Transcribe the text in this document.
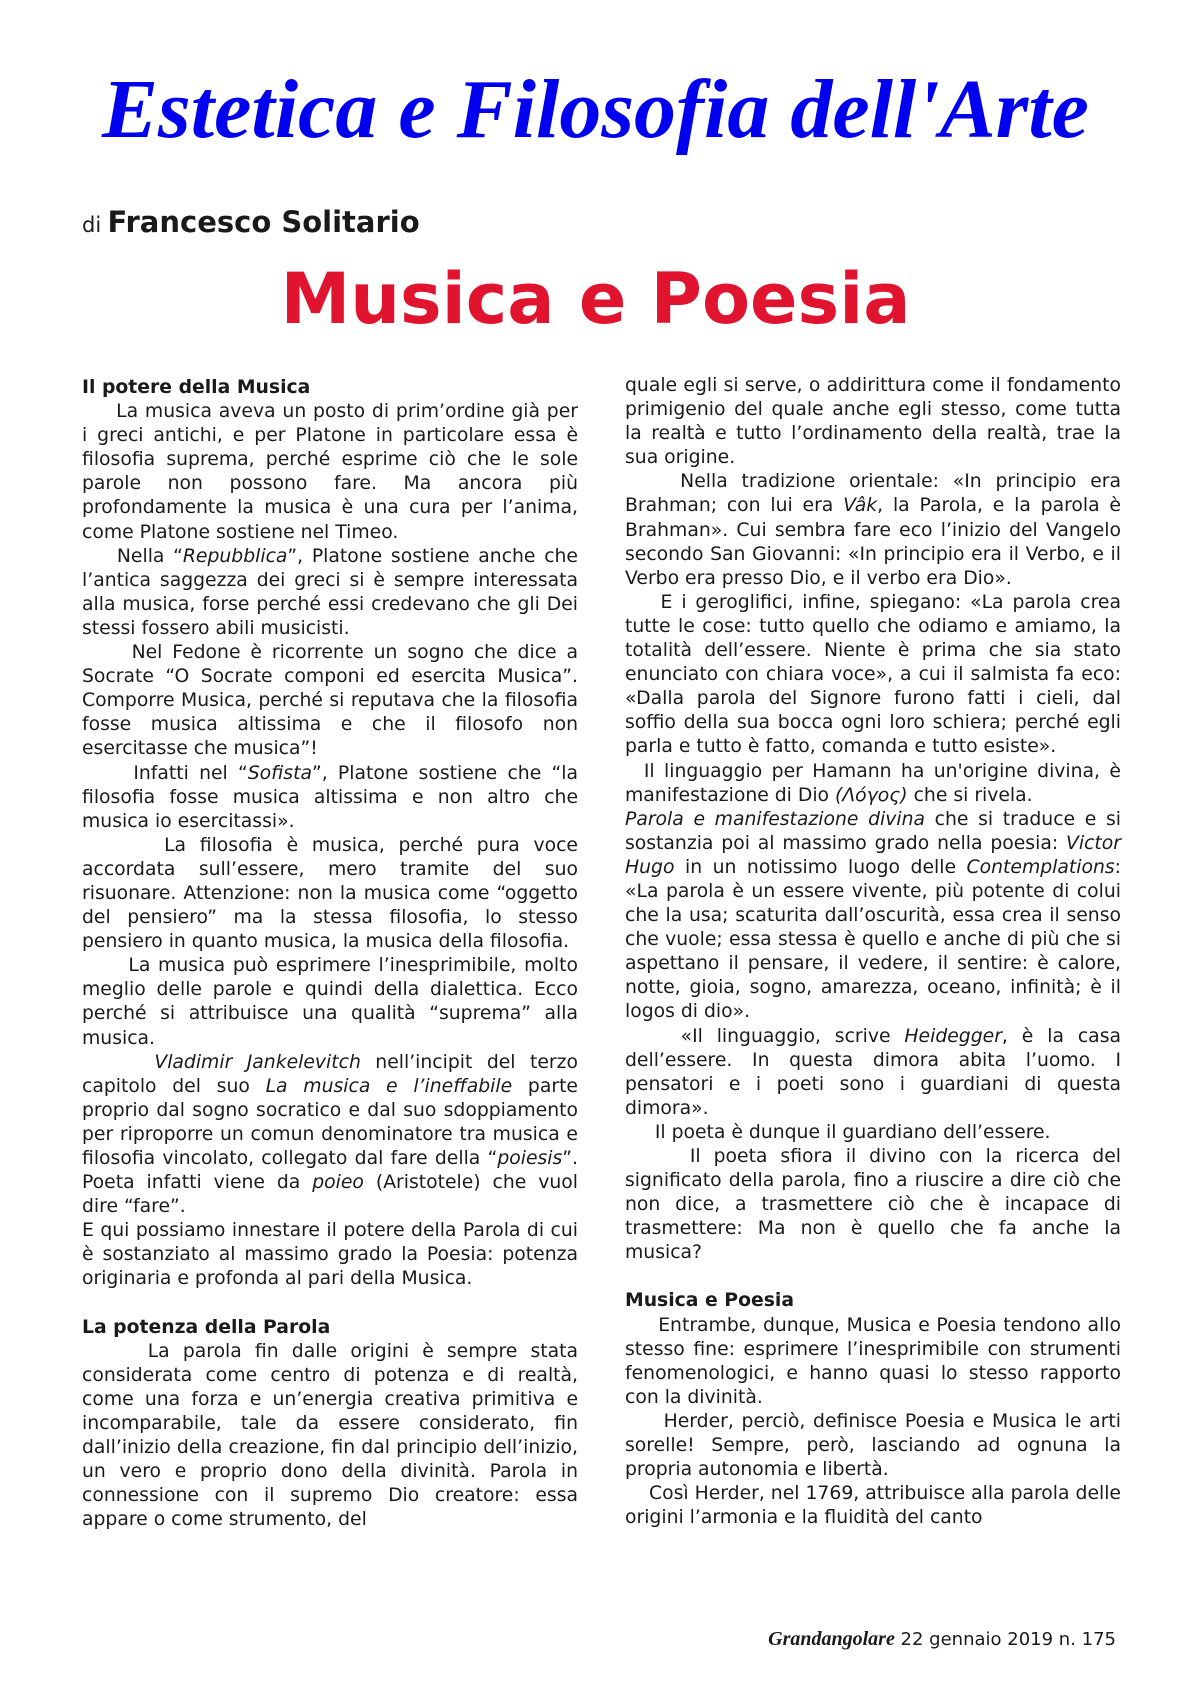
Estetica e Filosofia dell'Arte
di Francesco Solitario
Musica e Poesia
Il potere della Musica

La musica aveva un posto di prim’ordine già per i greci antichi, e per Platone in particolare essa è filosofia suprema, perché esprime ciò che le sole parole non possono fare. Ma ancora più profondamente la musica è una cura per l’anima, come Platone sostiene nel Timeo.

Nella “Repubblica”, Platone sostiene anche che l’antica saggezza dei greci si è sempre interessata alla musica, forse perché essi credevano che gli Dei stessi fossero abili musicisti.

Nel Fedone è ricorrente un sogno che dice a Socrate “O Socrate componi ed esercita Musica”. Comporre Musica, perché si reputava che la filosofia fosse musica altissima e che il filosofo non esercitasse che musica”!

Infatti nel “Sofista”, Platone sostiene che “la filosofia fosse musica altissima e non altro che musica io esercitassi».

La filosofia è musica, perché pura voce accordata sull’essere, mero tramite del suo risuonare. Attenzione: non la musica come “oggetto del pensiero” ma la stessa filosofia, lo stesso pensiero in quanto musica, la musica della filosofia.

La musica può esprimere l’inesprimibile, molto meglio delle parole e quindi della dialettica. Ecco perché si attribuisce una qualità “suprema” alla musica.

Vladimir Jankelevitch nell’incipit del terzo capitolo del suo La musica e l’ineffabile parte proprio dal sogno socratico e dal suo sdoppiamento per riproporre un comun denominatore tra musica e filosofia vincolato, collegato dal fare della “poiesis”. Poeta infatti viene da poieo (Aristotele) che vuol dire “fare”.

E qui possiamo innestare il potere della Parola di cui è sostanziato al massimo grado la Poesia: potenza originaria e profonda al pari della Musica.

La potenza della Parola

La parola fin dalle origini è sempre stata considerata come centro di potenza e di realtà, come una forza e un’energia creativa primitiva e incomparabile, tale da essere considerato, fin dall’inizio della creazione, fin dal principio dell’inizio, un vero e proprio dono della divinità. Parola in connessione con il supremo Dio creatore: essa appare o come strumento, del

quale egli si serve, o addirittura come il fondamento primigenio del quale anche egli stesso, come tutta la realtà e tutto l’ordinamento della realtà, trae la sua origine.

Nella tradizione orientale: «In principio era Brahman; con lui era Vâk, la Parola, e la parola è Brahman». Cui sembra fare eco l’inizio del Vangelo secondo San Giovanni: «In principio era il Verbo, e il Verbo era presso Dio, e il verbo era Dio».

E i geroglifici, infine, spiegano: «La parola crea tutte le cose: tutto quello che odiamo e amiamo, la totalità dell’essere. Niente è prima che sia stato enunciato con chiara voce», a cui il salmista fa eco: «Dalla parola del Signore furono fatti i cieli, dal soffio della sua bocca ogni loro schiera; perché egli parla e tutto è fatto, comanda e tutto esiste».

Il linguaggio per Hamann ha un'origine divina, è manifestazione di Dio (Λόγος) che si rivela.

Parola e manifestazione divina che si traduce e si sostanzia poi al massimo grado nella poesia: Victor Hugo in un notissimo luogo delle Contemplations: «La parola è un essere vivente, più potente di colui che la usa; scaturita dall’oscurità, essa crea il senso che vuole; essa stessa è quello e anche di più che si aspettano il pensare, il vedere, il sentire: è calore, notte, gioia, sogno, amarezza, oceano, infinità; è il logos di dio».

«Il linguaggio, scrive Heidegger, è la casa dell’essere. In questa dimora abita l’uomo. I pensatori e i poeti sono i guardiani di questa dimora».

Il poeta è dunque il guardiano dell’essere.

Il poeta sfiora il divino con la ricerca del significato della parola, fino a riuscire a dire ciò che non dice, a trasmettere ciò che è incapace di trasmettere: Ma non è quello che fa anche la musica?

Musica e Poesia

Entrambe, dunque, Musica e Poesia tendono allo stesso fine: esprimere l’inesprimibile con strumenti fenomenologici, e hanno quasi lo stesso rapporto con la divinità.

Herder, perciò, definisce Poesia e Musica le arti sorelle! Sempre, però, lasciando ad ognuna la propria autonomia e libertà.

Così Herder, nel 1769, attribuisce alla parola delle origini l’armonia e la fluidità del canto

Grandangolare 22 gennaio 2019 n. 175
